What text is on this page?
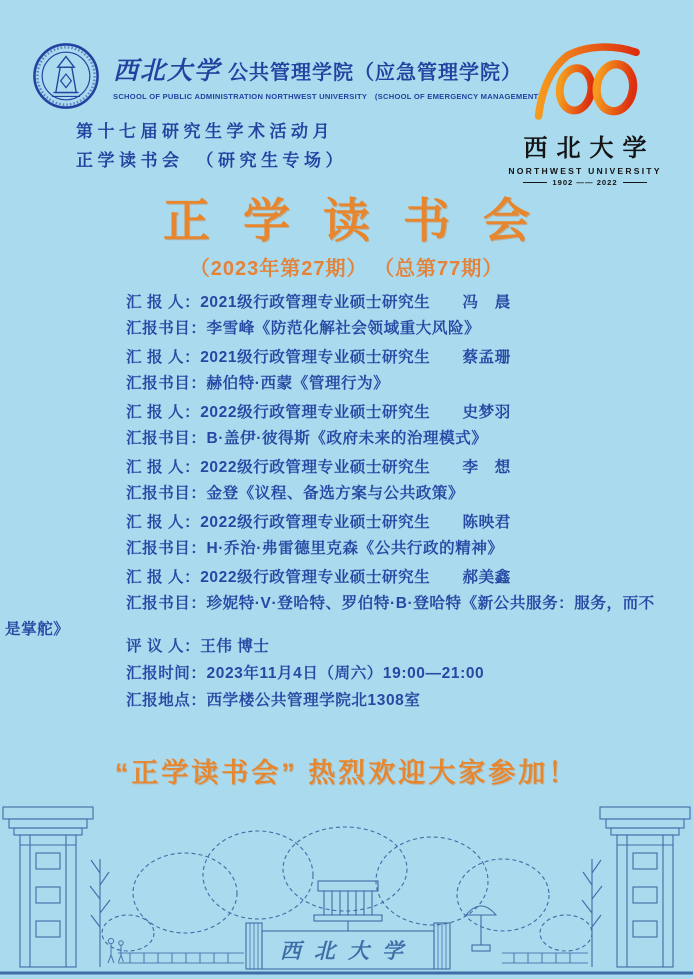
西北大学 公共管理学院（应急管理学院）
SCHOOL OF PUBLIC ADMINISTRATION NORTHWEST UNIVERSITY　(SCHOOL OF EMERGENCY MANAGEMENT)
西北大学
NORTHWEST UNIVERSITY
1902 —— 2022
第十七届研究生学术活动月
正学读书会　（研究生专场）
正学读书会
（2023年第27期） （总第77期）

汇 报 人：2021级行政管理专业硕士研究生　　冯　晨

汇报书目：李雪峰《防范化解社会领域重大风险》

汇 报 人：2021级行政管理专业硕士研究生　　蔡孟珊

汇报书目：赫伯特·西蒙《管理行为》

汇 报 人：2022级行政管理专业硕士研究生　　史梦羽

汇报书目：B·盖伊·彼得斯《政府未来的治理模式》

汇 报 人：2022级行政管理专业硕士研究生　　李　想

汇报书目：金登《议程、备选方案与公共政策》

汇 报 人：2022级行政管理专业硕士研究生　　陈映君

汇报书目：H·乔治·弗雷德里克森《公共行政的精神》

汇 报 人：2022级行政管理专业硕士研究生　　郝美鑫

汇报书目：珍妮特·V·登哈特、罗伯特·B·登哈特《新公共服务：服务，而不是掌舵》

评 议 人：王伟 博士

汇报时间：2023年11月4日（周六）19:00—21:00

汇报地点：西学楼公共管理学院北1308室

“正学读书会” 热烈欢迎大家参加！
西北大学
